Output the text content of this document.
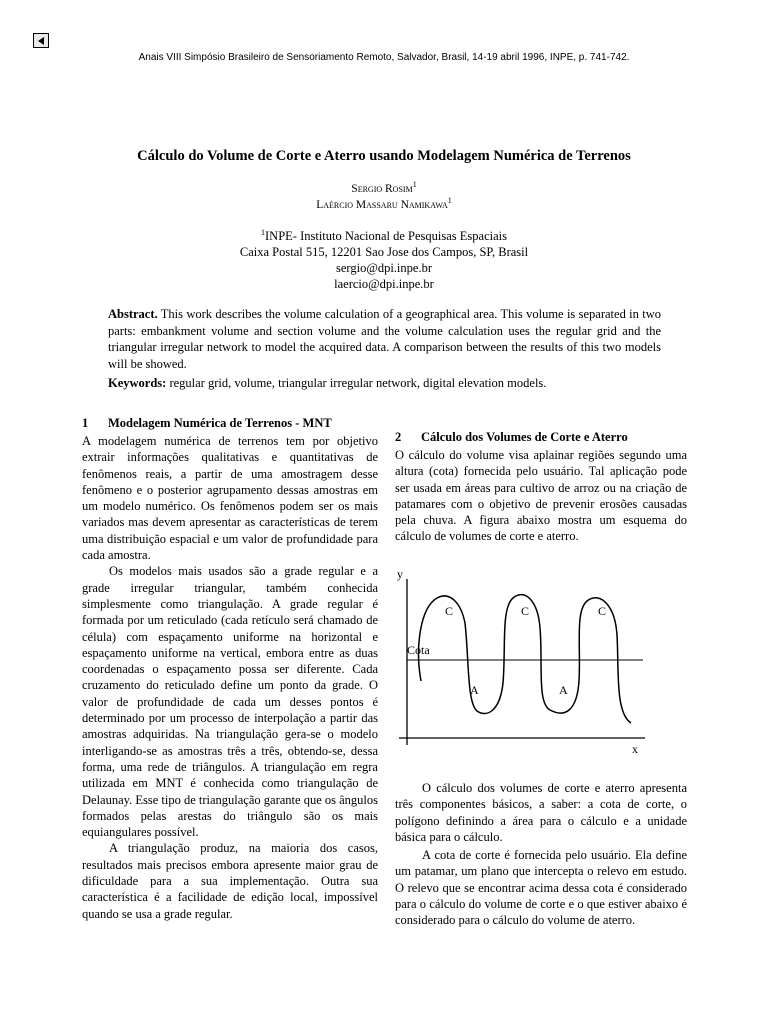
Anais VIII Simpósio Brasileiro de Sensoriamento Remoto, Salvador, Brasil, 14-19 abril 1996, INPE, p. 741-742.
Cálculo do Volume de Corte e Aterro usando Modelagem Numérica de Terrenos
Sergio Rosim$^1$
Laércio Massaru Namikawa$^1$
$^1$INPE- Instituto Nacional de Pesquisas Espaciais
Caixa Postal 515, 12201 Sao Jose dos Campos, SP, Brasil
sergio@dpi.inpe.br
laercio@dpi.inpe.br
Abstract. This work describes the volume calculation of a geographical area. This volume is separated in two parts: embankment volume and section volume and the volume calculation uses the regular grid and the triangular irregular network to model the acquired data. A comparison between the results of this two models will be showed.
Keywords: regular grid, volume, triangular irregular network, digital elevation models.
1 Modelagem Numérica de Terrenos - MNT

A modelagem numérica de terrenos tem por objetivo extrair informações qualitativas e quantitativas de fenômenos reais, a partir de uma amostragem desse fenômeno e o posterior agrupamento dessas amostras em um modelo numérico. Os fenômenos podem ser os mais variados mas devem apresentar as características de terem uma distribuição espacial e um valor de profundidade para cada amostra.

Os modelos mais usados são a grade regular e a grade irregular triangular, também conhecida simplesmente como triangulação. A grade regular é formada por um reticulado (cada retículo será chamado de célula) com espaçamento uniforme na horizontal e espaçamento uniforme na vertical, embora entre as duas coordenadas o espaçamento possa ser diferente. Cada cruzamento do reticulado define um ponto da grade. O valor de profundidade de cada um desses pontos é determinado por um processo de interpolação a partir das amostras adquiridas. Na triangulação gera-se o modelo interligando-se as amostras três a três, obtendo-se, dessa forma, uma rede de triângulos. A triangulação em regra utilizada em MNT é conhecida como triangulação de Delaunay. Esse tipo de triangulação garante que os ângulos formados pelas arestas do triângulo são os mais equiangulares possível.

A triangulação produz, na maioria dos casos, resultados mais precisos embora apresente maior grau de dificuldade para a sua implementação. Outra sua característica é a facilidade de edição local, impossível quando se usa a grade regular.

2 Cálculo dos Volumes de Corte e Aterro

O cálculo do volume visa aplainar regiões segundo uma altura (cota) fornecida pelo usuário. Tal aplicação pode ser usada em áreas para cultivo de arroz ou na criação de patamares com o objetivo de prevenir erosões causadas pela chuva. A figura abaixo mostra um esquema do cálculo de volumes de corte e aterro.

y
x
Cota
C	C	C
A	A

O cálculo dos volumes de corte e aterro apresenta três componentes básicos, a saber: a cota de corte, o polígono definindo a área para o cálculo e a unidade básica para o cálculo.

A cota de corte é fornecida pelo usuário. Ela define um patamar, um plano que intercepta o relevo em estudo. O relevo que se encontrar acima dessa cota é considerado para o cálculo do volume de corte e o que estiver abaixo é considerado para o cálculo do volume de aterro.
